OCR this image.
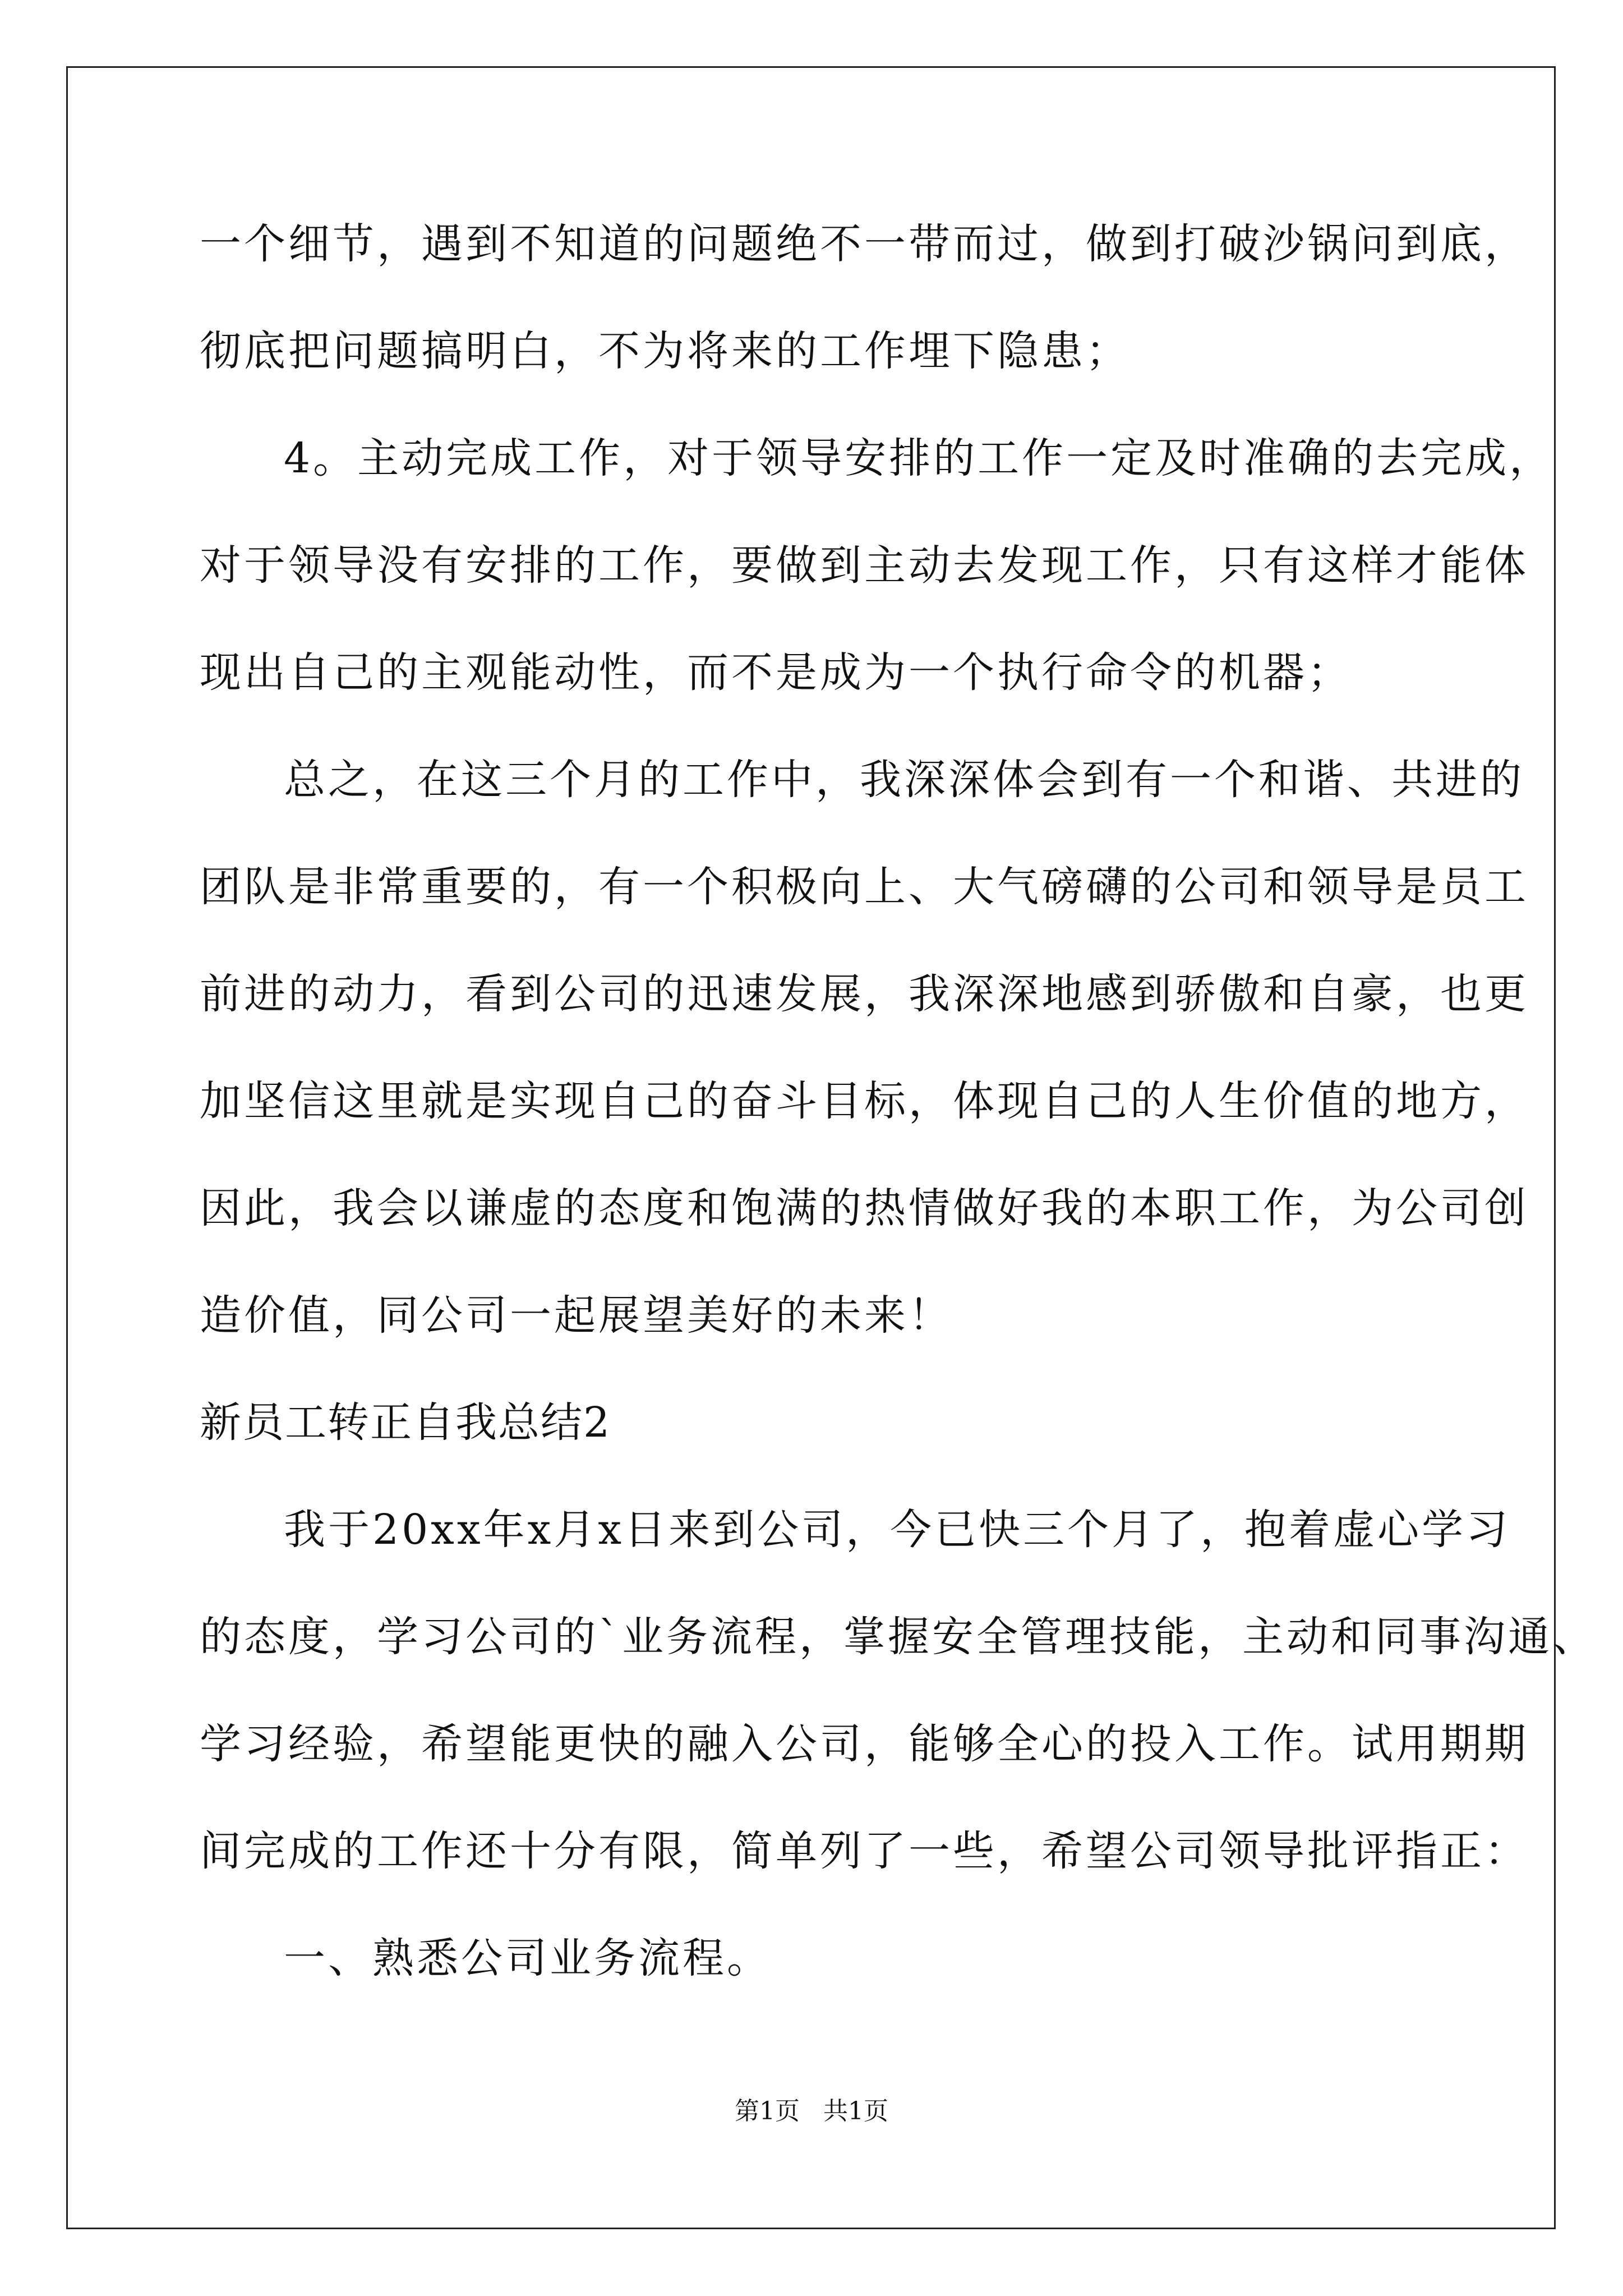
一个细节，遇到不知道的问题绝不一带而过，做到打破沙锅问到底，
彻底把问题搞明白，不为将来的工作埋下隐患；
4。主动完成工作，对于领导安排的工作一定及时准确的去完成，
对于领导没有安排的工作，要做到主动去发现工作，只有这样才能体
现出自己的主观能动性，而不是成为一个执行命令的机器；
总之，在这三个月的工作中，我深深体会到有一个和谐、共进的
团队是非常重要的，有一个积极向上、大气磅礴的公司和领导是员工
前进的动力，看到公司的迅速发展，我深深地感到骄傲和自豪，也更
加坚信这里就是实现自己的奋斗目标，体现自己的人生价值的地方，
因此，我会以谦虚的态度和饱满的热情做好我的本职工作，为公司创
造价值，同公司一起展望美好的未来！
新员工转正自我总结2
我于20xx年x月x日来到公司，今已快三个月了，抱着虚心学习
的态度，学习公司的`业务流程，掌握安全管理技能，主动和同事沟通、
学习经验，希望能更快的融入公司，能够全心的投入工作。试用期期
间完成的工作还十分有限，简单列了一些，希望公司领导批评指正：
一、熟悉公司业务流程。
第1页   共1页
